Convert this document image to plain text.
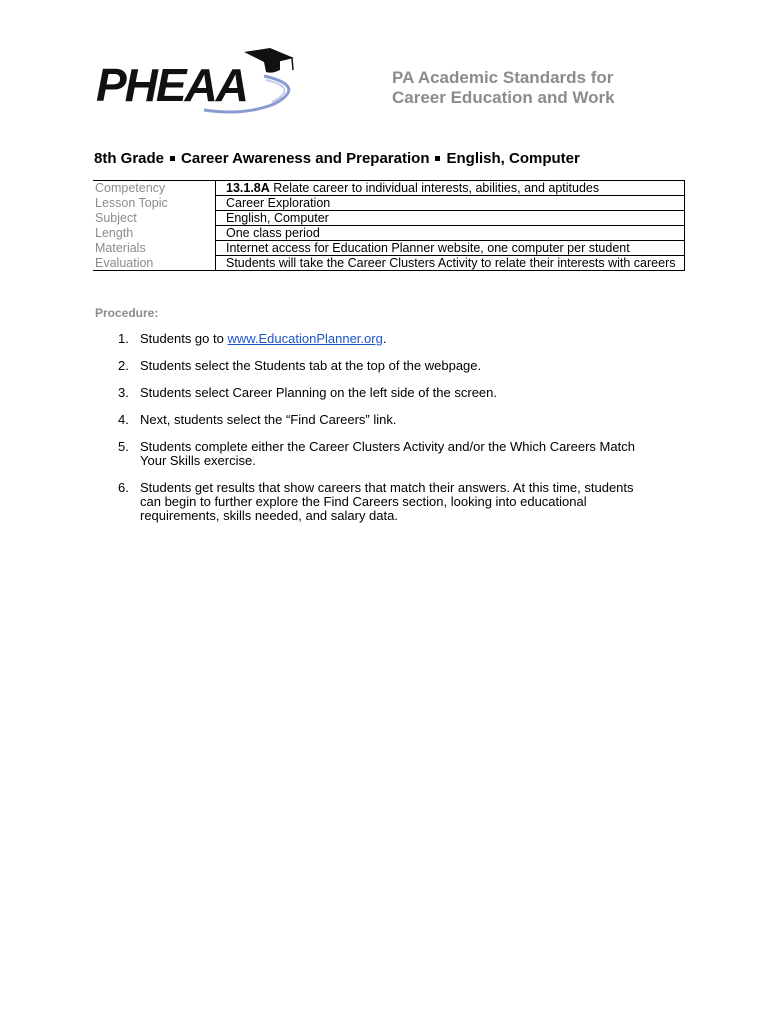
PHEAA	PA Academic Standards for
Career Education and Work
8th Grade Career Awareness and Preparation English, Computer
Competency	13.1.8A Relate career to individual interests, abilities, and aptitudes
Lesson Topic	Career Exploration
Subject	English, Computer
Length	One class period
Materials	Internet access for Education Planner website, one computer per student
Evaluation	Students will take the Career Clusters Activity to relate their interests with careers
Procedure:
1. Students go to www.EducationPlanner.org.
2. Students select the Students tab at the top of the webpage.
3. Students select Career Planning on the left side of the screen.
4. Next, students select the “Find Careers” link.
5. Students complete either the Career Clusters Activity and/or the Which Careers Match Your Skills exercise.
6. Students get results that show careers that match their answers. At this time, students can begin to further explore the Find Careers section, looking into educational requirements, skills needed, and salary data.
